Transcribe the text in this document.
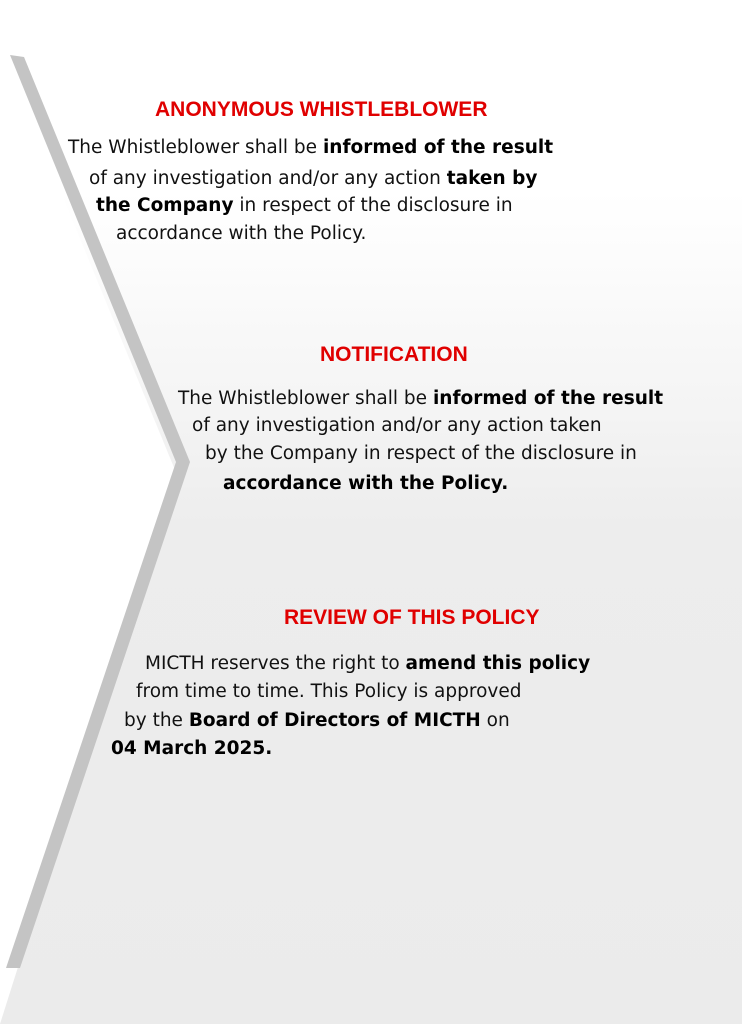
ANONYMOUS WHISTLEBLOWER

The Whistleblower shall be informed of the result

of any investigation and/or any action taken by

the Company in respect of the disclosure in

accordance with the Policy.

NOTIFICATION

The Whistleblower shall be informed of the result

of any investigation and/or any action taken

by the Company in respect of the disclosure in

accordance with the Policy.

REVIEW OF THIS POLICY

MICTH reserves the right to amend this policy

from time to time. This Policy is approved

by the Board of Directors of MICTH on

04 March 2025.
